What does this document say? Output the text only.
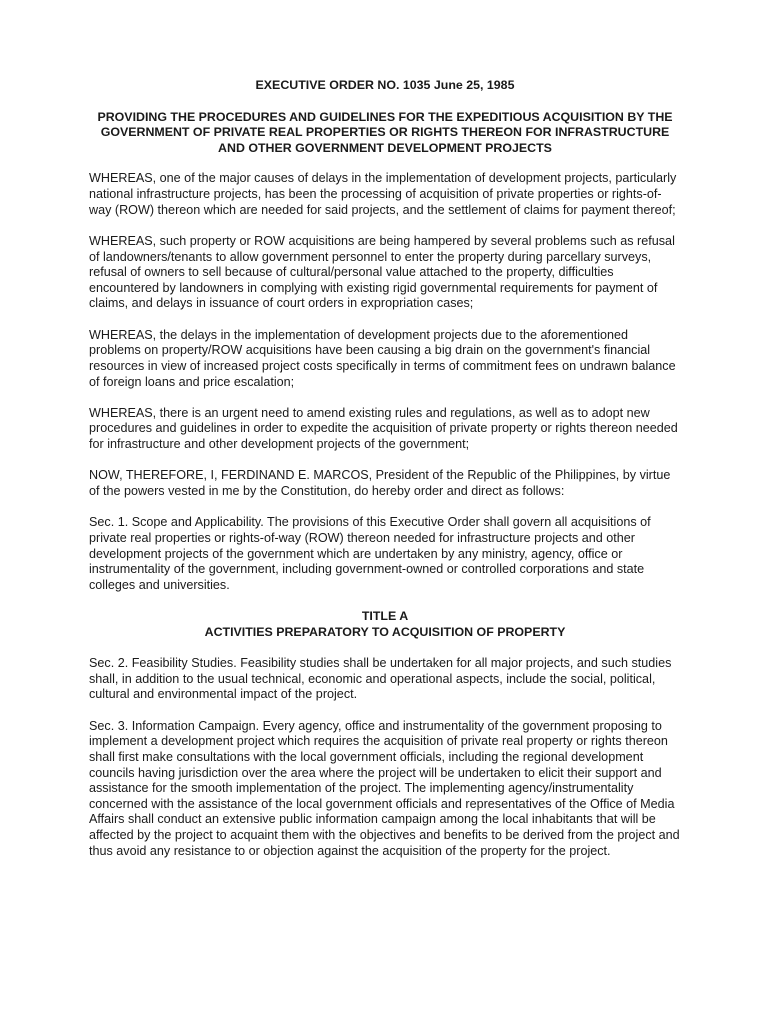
EXECUTIVE ORDER NO. 1035 June 25, 1985

PROVIDING THE PROCEDURES AND GUIDELINES FOR THE EXPEDITIOUS ACQUISITION BY THE GOVERNMENT OF PRIVATE REAL PROPERTIES OR RIGHTS THEREON FOR INFRASTRUCTURE AND OTHER GOVERNMENT DEVELOPMENT PROJECTS

WHEREAS, one of the major causes of delays in the implementation of development projects, particularly national infrastructure projects, has been the processing of acquisition of private properties or rights-of-way (ROW) thereon which are needed for said projects, and the settlement of claims for payment thereof;

WHEREAS, such property or ROW acquisitions are being hampered by several problems such as refusal of landowners/tenants to allow government personnel to enter the property during parcellary surveys, refusal of owners to sell because of cultural/personal value attached to the property, difficulties encountered by landowners in complying with existing rigid governmental requirements for payment of claims, and delays in issuance of court orders in expropriation cases;

WHEREAS, the delays in the implementation of development projects due to the aforementioned problems on property/ROW acquisitions have been causing a big drain on the government's financial resources in view of increased project costs specifically in terms of commitment fees on undrawn balance of foreign loans and price escalation;

WHEREAS, there is an urgent need to amend existing rules and regulations, as well as to adopt new procedures and guidelines in order to expedite the acquisition of private property or rights thereon needed for infrastructure and other development projects of the government;

NOW, THEREFORE, I, FERDINAND E. MARCOS, President of the Republic of the Philippines, by virtue of the powers vested in me by the Constitution, do hereby order and direct as follows:

Sec. 1. Scope and Applicability. The provisions of this Executive Order shall govern all acquisitions of private real properties or rights-of-way (ROW) thereon needed for infrastructure projects and other development projects of the government which are undertaken by any ministry, agency, office or instrumentality of the government, including government-owned or controlled corporations and state colleges and universities.

TITLE A

ACTIVITIES PREPARATORY TO ACQUISITION OF PROPERTY

Sec. 2. Feasibility Studies. Feasibility studies shall be undertaken for all major projects, and such studies shall, in addition to the usual technical, economic and operational aspects, include the social, political, cultural and environmental impact of the project.

Sec. 3. Information Campaign. Every agency, office and instrumentality of the government proposing to implement a development project which requires the acquisition of private real property or rights thereon shall first make consultations with the local government officials, including the regional development councils having jurisdiction over the area where the project will be undertaken to elicit their support and assistance for the smooth implementation of the project. The implementing agency/instrumentality concerned with the assistance of the local government officials and representatives of the Office of Media Affairs shall conduct an extensive public information campaign among the local inhabitants that will be affected by the project to acquaint them with the objectives and benefits to be derived from the project and thus avoid any resistance to or objection against the acquisition of the property for the project.
